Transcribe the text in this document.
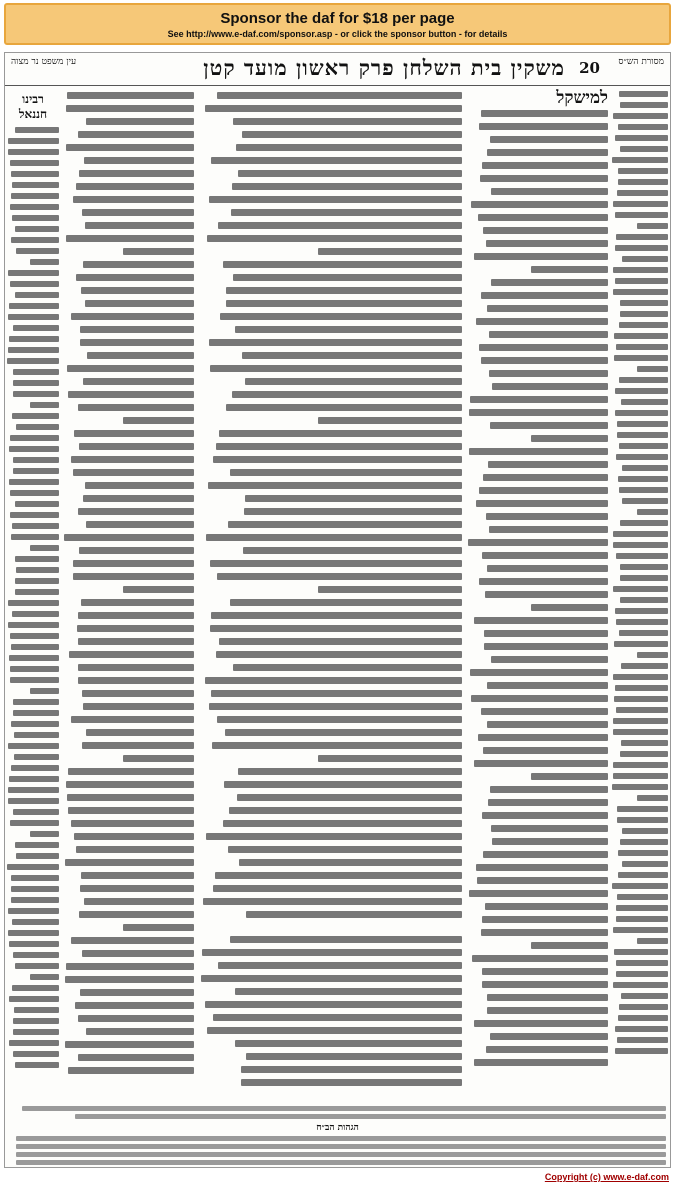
Sponsor the daf for $18 per page
See http://www.e-daf.com/sponsor.asp - or click the sponsor button - for details
מסורת הש״ס
20
משקין בית השלחן פרק ראשון מועד קטן
עין משפט נר מצוה
למישקל
רבינו חננאל
הגהות הב״ח
Copyright (c) www.e-daf.com
